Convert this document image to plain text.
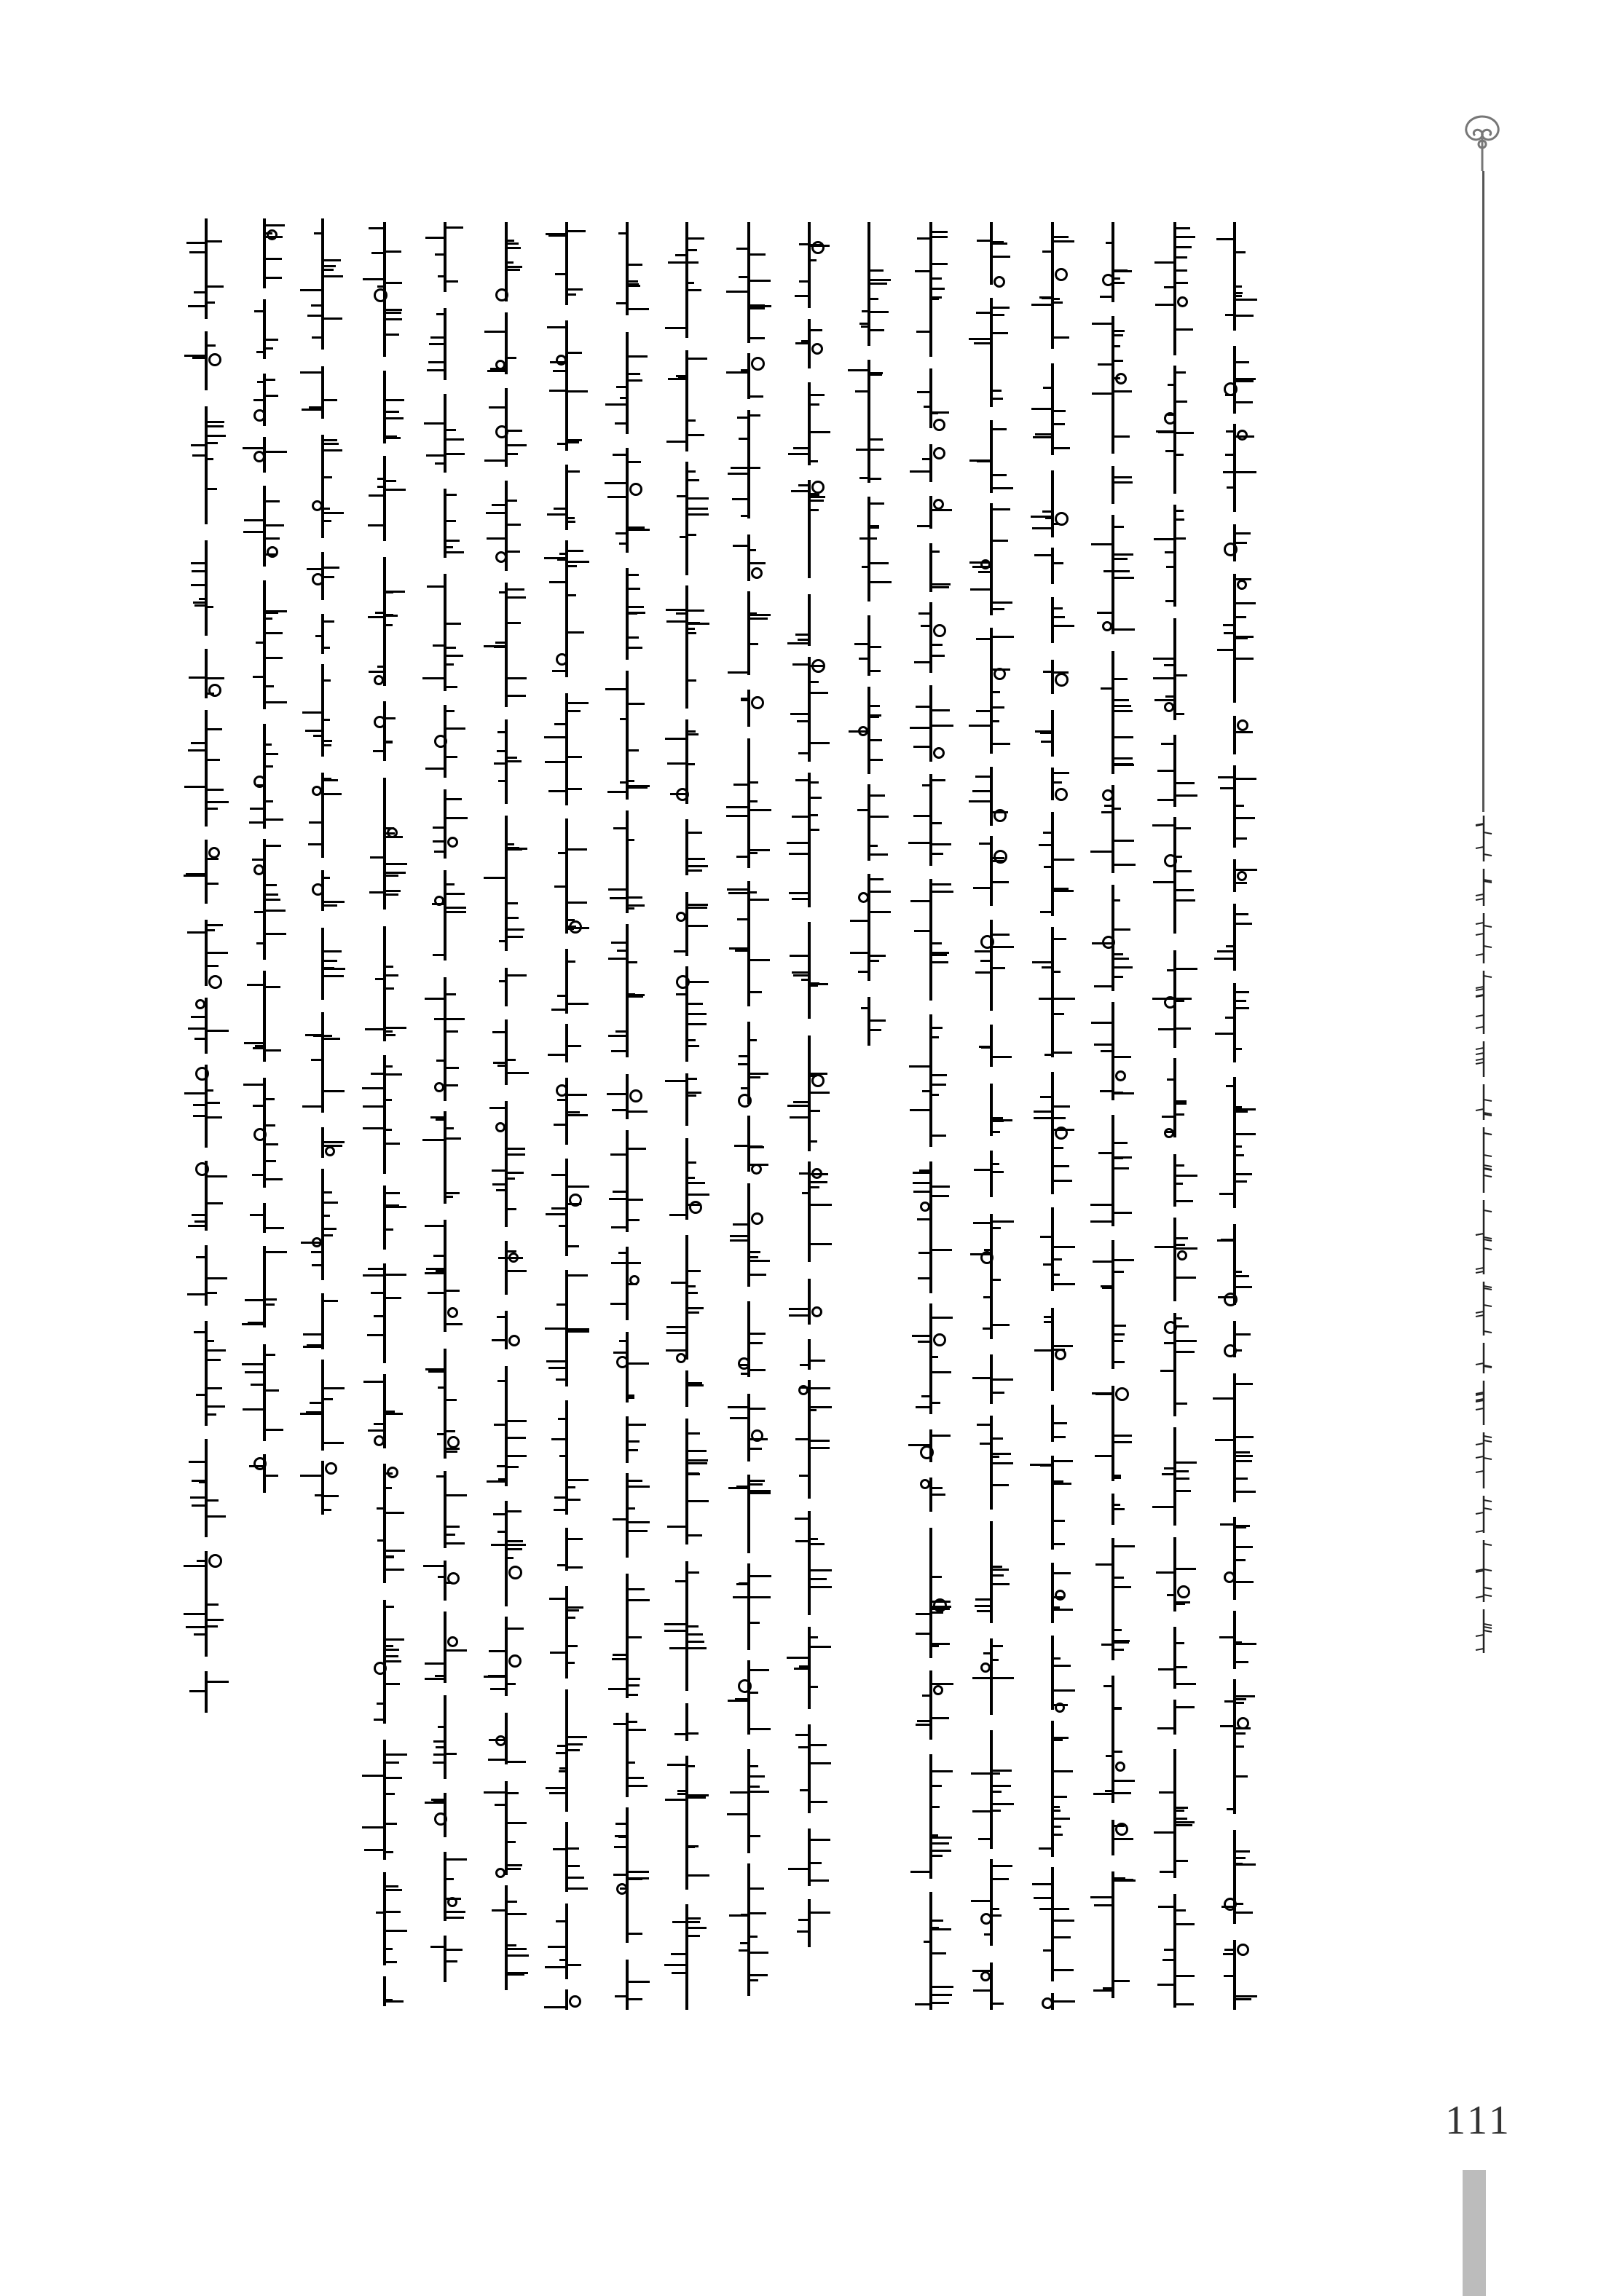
111
